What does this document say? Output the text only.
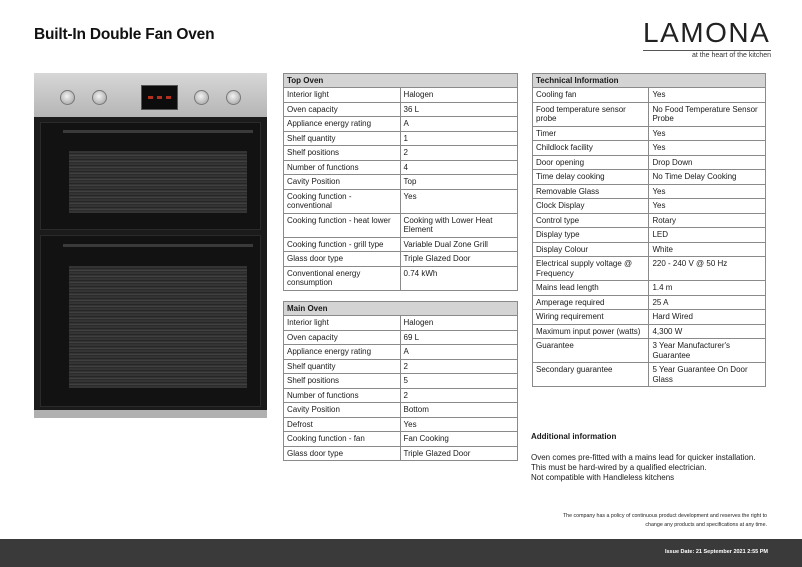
Built-In Double Fan Oven	LAMONA
at the heart of the kitchen
Top Oven	
Interior light	Halogen
Oven capacity	36 L
Appliance energy rating	A
Shelf quantity	1
Shelf positions	2
Number of functions	4
Cavity Position	Top
Cooking function - conventional	Yes
Cooking function - heat lower	Cooking with Lower Heat Element
Cooking function - grill type	Variable Dual Zone Grill
Glass door type	Triple Glazed Door
Conventional energy consumption	0.74 kWh
Main Oven	
Interior light	Halogen
Oven capacity	69 L
Appliance energy rating	A
Shelf quantity	2
Shelf positions	5
Number of functions	2
Cavity Position	Bottom
Defrost	Yes
Cooking function - fan	Fan Cooking
Glass door type	Triple Glazed Door
Technical Information	
Cooling fan	Yes
Food temperature sensor probe	No Food Temperature Sensor Probe
Timer	Yes
Childlock facility	Yes
Door opening	Drop Down
Time delay cooking	No Time Delay Cooking
Removable Glass	Yes
Clock Display	Yes
Control type	Rotary
Display type	LED
Display Colour	White
Electrical supply voltage @ Frequency	220 - 240 V @ 50 Hz
Mains lead length	1.4 m
Amperage required	25 A
Wiring requirement	Hard Wired
Maximum input power (watts)	4,300 W
Guarantee	3 Year Manufacturer's Guarantee
Secondary guarantee	5 Year Guarantee On Door Glass
Additional information
Oven comes pre-fitted with a mains lead for quicker installation.
This must be hard-wired by a qualified electrician.
Not compatible with Handleless kitchens
The company has a policy of continuous product development and reserves the right to
change any products and specifications at any time.
Issue Date: 21 September 2021 2:55 PM
